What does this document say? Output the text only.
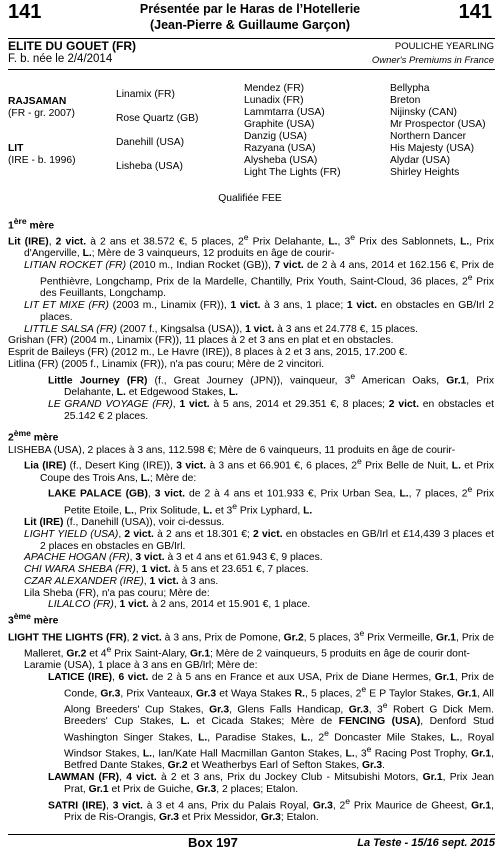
141	Présentée par le Haras de l’Hotellerie
(Jean-Pierre & Guillaume Garçon)
141
ELITE DU GOUET (FR)
F. b. née le 2/4/2014
POULICHE YEARLING
Owner's Premiums in France
RAJSAMAN
(FR - gr. 2007)
LIT
(IRE - b. 1996)
Linamix (FR)
Rose Quartz (GB)
Danehill (USA)
Lisheba (USA)
Mendez (FR)
Lunadix (FR)
Lammtarra (USA)
Graphite (USA)
Danzig (USA)
Razyana (USA)
Alysheba (USA)
Light The Lights (FR)
Bellypha
Breton
Nijinsky (CAN)
Mr Prospector (USA)
Northern Dancer
His Majesty (USA)
Alydar (USA)
Shirley Heights
Qualifiée FEE

1ère mère

Lit (IRE), 2 vict. à 2 ans et 38.572 €, 5 places, 2e Prix Delahante, L., 3e Prix des Sablonnets, L., Prix d'Angerville, L.; Mère de 3 vainqueurs, 12 produits en âge de courir-

LITIAN ROCKET (FR) (2010 m., Indian Rocket (GB)), 7 vict. de 2 à 4 ans, 2014 et 162.156 €, Prix de Penthièvre, Longchamp, Prix de la Mardelle, Chantilly, Prix Youth, Saint-Cloud, 36 places, 2e Prix des Feuillants, Longchamp.

LIT ET MIXE (FR) (2003 m., Linamix (FR)), 1 vict. à 3 ans, 1 place; 1 vict. en obstacles en GB/Irl 2 places.

LITTLE SALSA (FR) (2007 f., Kingsalsa (USA)), 1 vict. à 3 ans et 24.778 €, 15 places.

Grishan (FR) (2004 m., Linamix (FR)), 11 places à 2 et 3 ans en plat et en obstacles.

Esprit de Baileys (FR) (2012 m., Le Havre (IRE)), 8 places à 2 et 3 ans, 2015, 17.200 €.

Litlina (FR) (2005 f., Linamix (FR)), n'a pas couru; Mère de 2 vincitori.

Little Journey (FR) (f., Great Journey (JPN)), vainqueur, 3e American Oaks, Gr.1, Prix Delahante, L. et Edgewood Stakes, L.

LE GRAND VOYAGE (FR), 1 vict. à 5 ans, 2014 et 29.351 €, 8 places; 2 vict. en obstacles et 25.142 € 2 places.

2ème mère

LISHEBA (USA), 2 places à 3 ans, 112.598 €; Mère de 6 vainqueurs, 11 produits en âge de courir-

Lia (IRE) (f., Desert King (IRE)), 3 vict. à 3 ans et 66.901 €, 6 places, 2e Prix Belle de Nuit, L. et Prix Coupe des Trois Ans, L.; Mère de:

LAKE PALACE (GB), 3 vict. de 2 à 4 ans et 101.933 €, Prix Urban Sea, L., 7 places, 2e Prix Petite Etoile, L., Prix Solitude, L. et 3e Prix Lyphard, L.

Lit (IRE) (f., Danehill (USA)), voir ci-dessus.

LIGHT YIELD (USA), 2 vict. à 2 ans et 18.301 €; 2 vict. en obstacles en GB/Irl et £14,439 3 places et 2 places en obstacles en GB/Irl.

APACHE HOGAN (FR), 3 vict. à 3 et 4 ans et 61.943 €, 9 places.

CHI WARA SHEBA (FR), 1 vict. à 5 ans et 23.651 €, 7 places.

CZAR ALEXANDER (IRE), 1 vict. à 3 ans.

Lila Sheba (FR), n'a pas couru; Mère de:

LILALCO (FR), 1 vict. à 2 ans, 2014 et 15.901 €, 1 place.

3ème mère

LIGHT THE LIGHTS (FR), 2 vict. à 3 ans, Prix de Pomone, Gr.2, 5 places, 3e Prix Vermeille, Gr.1, Prix de Malleret, Gr.2 et 4e Prix Saint-Alary, Gr.1; Mère de 2 vainqueurs, 5 produits en âge de courir dont-

Laramie (USA), 1 place à 3 ans en GB/Irl; Mère de:

LATICE (IRE), 6 vict. de 2 à 5 ans en France et aux USA, Prix de Diane Hermes, Gr.1, Prix de Conde, Gr.3, Prix Vanteaux, Gr.3 et Waya Stakes R., 5 places, 2e E P Taylor Stakes, Gr.1, All Along Breeders' Cup Stakes, Gr.3, Glens Falls Handicap, Gr.3, 3e Robert G Dick Mem. Breeders' Cup Stakes, L. et Cicada Stakes; Mère de FENCING (USA), Denford Stud Washington Singer Stakes, L., Paradise Stakes, L., 2e Doncaster Mile Stakes, L., Royal Windsor Stakes, L., Ian/Kate Hall Macmillan Ganton Stakes, L., 3e Racing Post Trophy, Gr.1, Betfred Dante Stakes, Gr.2 et Weatherbys Earl of Sefton Stakes, Gr.3.

LAWMAN (FR), 4 vict. à 2 et 3 ans, Prix du Jockey Club - Mitsubishi Motors, Gr.1, Prix Jean Prat, Gr.1 et Prix de Guiche, Gr.3, 2 places; Etalon.

SATRI (IRE), 3 vict. à 3 et 4 ans, Prix du Palais Royal, Gr.3, 2e Prix Maurice de Gheest, Gr.1, Prix de Ris-Orangis, Gr.3 et Prix Messidor, Gr.3; Etalon.

Box 197	La Teste - 15/16 sept. 2015
